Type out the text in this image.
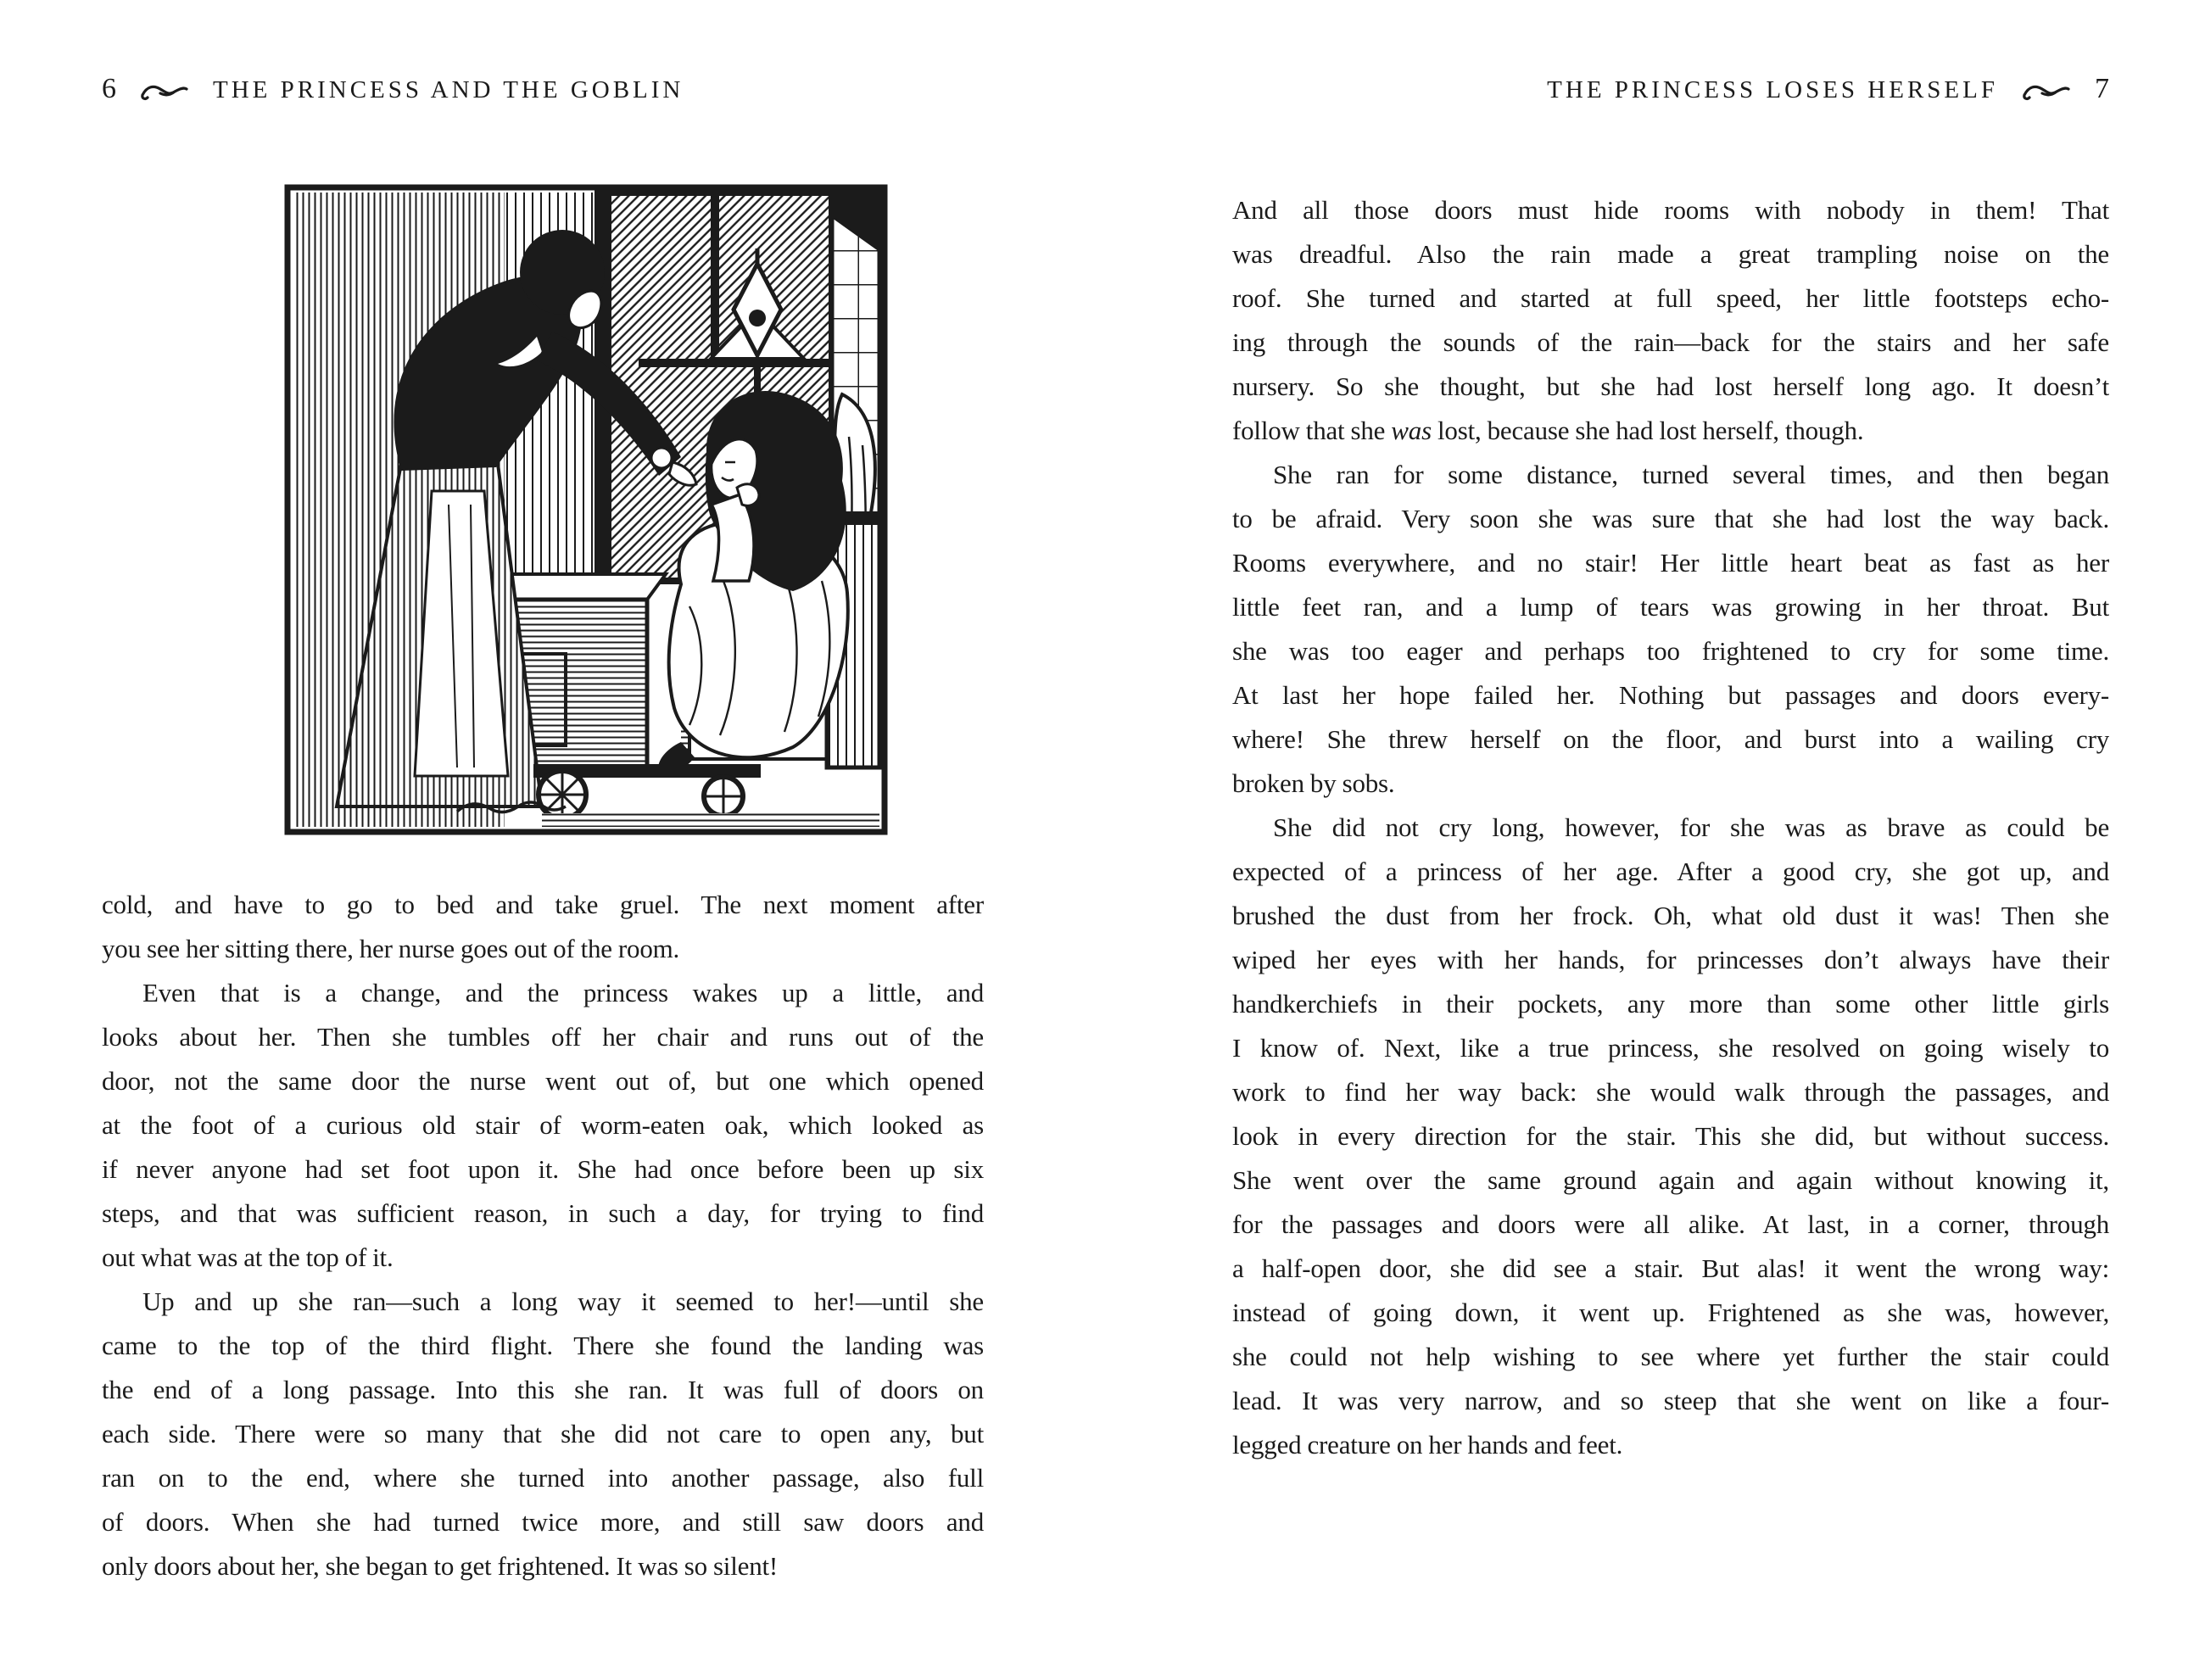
6	THE PRINCESS AND THE GOBLIN	THE PRINCESS LOSES HERSELF	7
cold, and have to go to bed and take gruel. The next moment after
you see her sitting there, her nurse goes out of the room.
Even that is a change, and the princess wakes up a little, and
looks about her. Then she tumbles off her chair and runs out of the
door, not the same door the nurse went out of, but one which opened
at the foot of a curious old stair of worm-eaten oak, which looked as
if never anyone had set foot upon it. She had once before been up six
steps, and that was sufficient reason, in such a day, for trying to find
out what was at the top of it.
Up and up she ran—such a long way it seemed to her!—until she
came to the top of the third flight. There she found the landing was
the end of a long passage. Into this she ran. It was full of doors on
each side. There were so many that she did not care to open any, but
ran on to the end, where she turned into another passage, also full
of doors. When she had turned twice more, and still saw doors and
only doors about her, she began to get frightened. It was so silent!
And all those doors must hide rooms with nobody in them! That
was dreadful. Also the rain made a great trampling noise on the
roof. She turned and started at full speed, her little footsteps echo-
ing through the sounds of the rain—back for the stairs and her safe
nursery. So she thought, but she had lost herself long ago. It doesn’t
follow that she was lost, because she had lost herself, though.
She ran for some distance, turned several times, and then began
to be afraid. Very soon she was sure that she had lost the way back.
Rooms everywhere, and no stair! Her little heart beat as fast as her
little feet ran, and a lump of tears was growing in her throat. But
she was too eager and perhaps too frightened to cry for some time.
At last her hope failed her. Nothing but passages and doors every-
where! She threw herself on the floor, and burst into a wailing cry
broken by sobs.
She did not cry long, however, for she was as brave as could be
expected of a princess of her age. After a good cry, she got up, and
brushed the dust from her frock. Oh, what old dust it was! Then she
wiped her eyes with her hands, for princesses don’t always have their
handkerchiefs in their pockets, any more than some other little girls
I know of. Next, like a true princess, she resolved on going wisely to
work to find her way back: she would walk through the passages, and
look in every direction for the stair. This she did, but without success.
She went over the same ground again and again without knowing it,
for the passages and doors were all alike. At last, in a corner, through
a half-open door, she did see a stair. But alas! it went the wrong way:
instead of going down, it went up. Frightened as she was, however,
she could not help wishing to see where yet further the stair could
lead. It was very narrow, and so steep that she went on like a four-
legged creature on her hands and feet.
